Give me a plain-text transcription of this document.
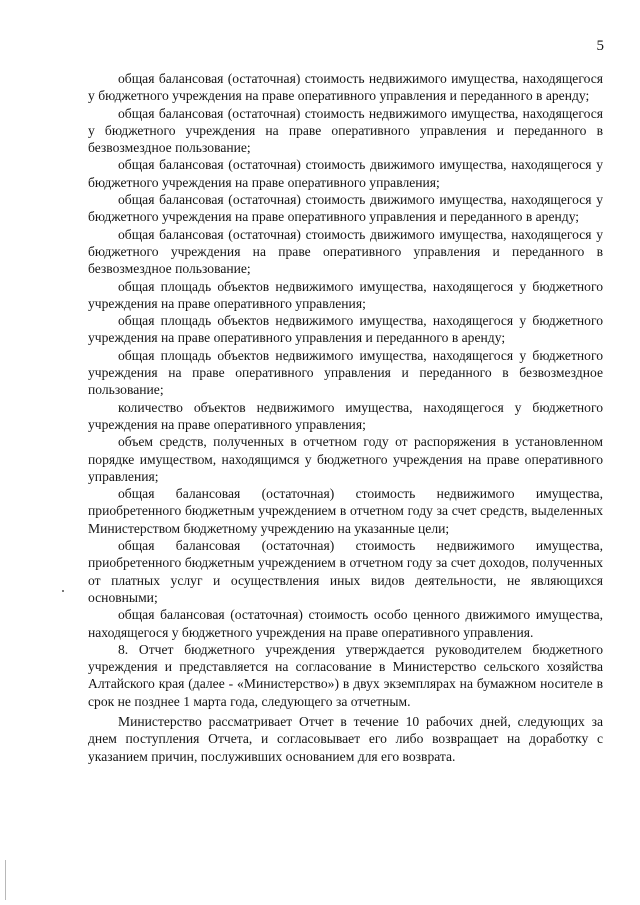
5

общая балансовая (остаточная) стоимость недвижимого имущества, находящегося у бюджетного учреждения на праве оперативного управления и переданного в аренду;

общая балансовая (остаточная) стоимость недвижимого имущества, находящегося у бюджетного учреждения на праве оперативного управления и переданного в безвозмездное пользование;

общая балансовая (остаточная) стоимость движимого имущества, находящегося у бюджетного учреждения на праве оперативного управления;

общая балансовая (остаточная) стоимость движимого имущества, находящегося у бюджетного учреждения на праве оперативного управления и переданного в аренду;

общая балансовая (остаточная) стоимость движимого имущества, находящегося у бюджетного учреждения на праве оперативного управления и переданного в безвозмездное пользование;

общая площадь объектов недвижимого имущества, находящегося у бюджетного учреждения на праве оперативного управления;

общая площадь объектов недвижимого имущества, находящегося у бюджетного учреждения на праве оперативного управления и переданного в аренду;

общая площадь объектов недвижимого имущества, находящегося у бюджетного учреждения на праве оперативного управления и переданного в безвозмездное пользование;

количество объектов недвижимого имущества, находящегося у бюджетного учреждения на праве оперативного управления;

объем средств, полученных в отчетном году от распоряжения в установленном порядке имуществом, находящимся у бюджетного учреждения на праве оперативного управления;

общая балансовая (остаточная) стоимость недвижимого имущества, приобретенного бюджетным учреждением в отчетном году за счет средств, выделенных Министерством бюджетному учреждению на указанные цели;

общая балансовая (остаточная) стоимость недвижимого имущества, приобретенного бюджетным учреждением в отчетном году за счет доходов, полученных от платных услуг и осуществления иных видов деятельности, не являющихся основными;

общая балансовая (остаточная) стоимость особо ценного движимого имущества, находящегося у бюджетного учреждения на праве оперативного управления.

8. Отчет бюджетного учреждения утверждается руководителем бюджетного учреждения и представляется на согласование в Министерство сельского хозяйства Алтайского края (далее - «Министерство») в двух экземплярах на бумажном носителе в срок не позднее 1 марта года, следующего за отчетным.

Министерство рассматривает Отчет в течение 10 рабочих дней, следующих за днем поступления Отчета, и согласовывает его либо возвращает на доработку с указанием причин, послуживших основанием для его возврата.
